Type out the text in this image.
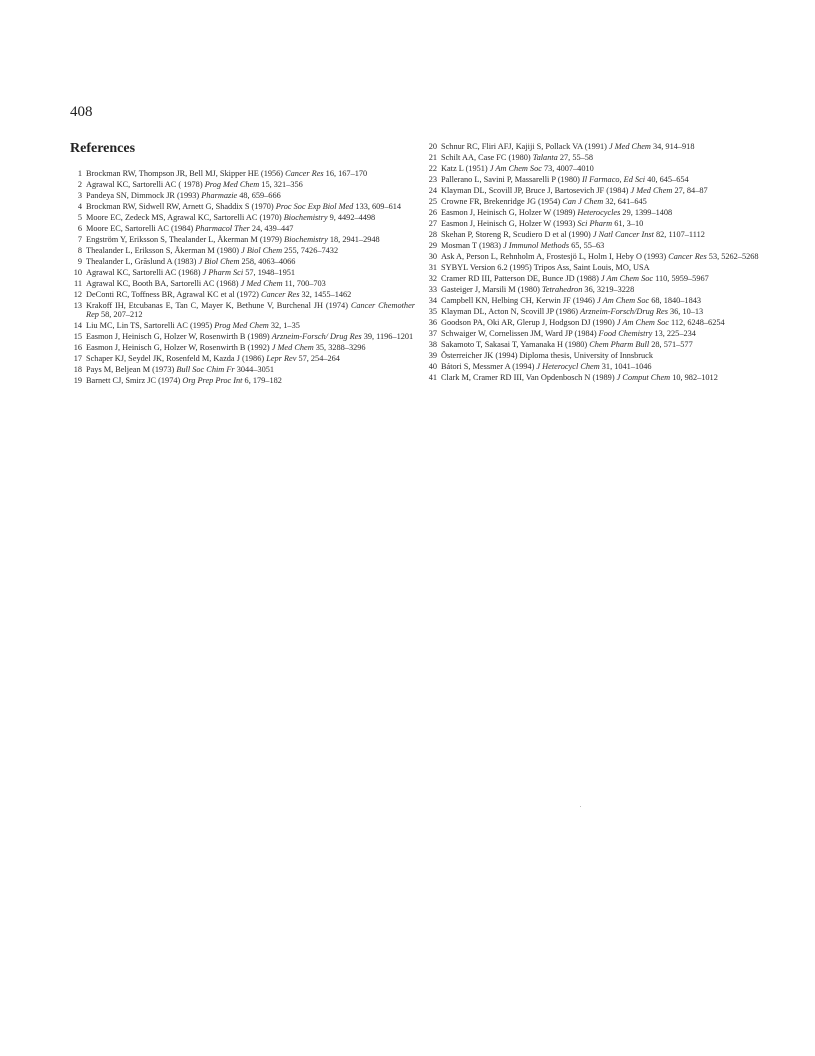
408
References
1 Brockman RW, Thompson JR, Bell MJ, Skipper HE (1956) Cancer Res 16, 167–170
2 Agrawal KC, Sartorelli AC ( 1978) Prog Med Chem 15, 321–356
3 Pandeya SN, Dimmock JR (1993) Pharmazie 48, 659–666
4 Brockman RW, Sidwell RW, Arnett G, Shaddix S (1970) Proc Soc Exp Biol Med 133, 609–614
5 Moore EC, Zedeck MS, Agrawal KC, Sartorelli AC (1970) Biochemistry 9, 4492–4498
6 Moore EC, Sartorelli AC (1984) Pharmacol Ther 24, 439–447
7 Engström Y, Eriksson S, Thealander L, Åkerman M (1979) Biochemistry 18, 2941–2948
8 Thealander L, Eriksson S, Åkerman M (1980) J Biol Chem 255, 7426–7432
9 Thealander L, Grāslund A (1983) J Biol Chem 258, 4063–4066
10 Agrawal KC, Sartorelli AC (1968) J Pharm Sci 57, 1948–1951
11 Agrawal KC, Booth BA, Sartorelli AC (1968) J Med Chem 11, 700–703
12 DeConti RC, Toffness BR, Agrawal KC et al (1972) Cancer Res 32, 1455–1462
13 Krakoff IH, Etcubanas E, Tan C, Mayer K, Bethune V, Burchenal JH (1974) Cancer Chemother Rep 58, 207–212
14 Liu MC, Lin TS, Sartorelli AC (1995) Prog Med Chem 32, 1–35
15 Easmon J, Heinisch G, Holzer W, Rosenwirth B (1989) Arzneim-Forsch/ Drug Res 39, 1196–1201
16 Easmon J, Heinisch G, Holzer W, Rosenwirth B (1992) J Med Chem 35, 3288–3296
17 Schaper KJ, Seydel JK, Rosenfeld M, Kazda J (1986) Lepr Rev 57, 254–264
18 Pays M, Beljean M (1973) Bull Soc Chim Fr 3044–3051
19 Barnett CJ, Smirz JC (1974) Org Prep Proc Int 6, 179–182
20 Schnur RC, Fliri AFJ, Kajiji S, Pollack VA (1991) J Med Chem 34, 914–918
21 Schilt AA, Case FC (1980) Talanta 27, 55–58
22 Katz L (1951) J Am Chem Soc 73, 4007–4010
23 Pallerano L, Savini P, Massarelli P (1980) Il Farmaco, Ed Sci 40, 645–654
24 Klayman DL, Scovill JP, Bruce J, Bartosevich JF (1984) J Med Chem 27, 84–87
25 Crowne FR, Brekenridge JG (1954) Can J Chem 32, 641–645
26 Easmon J, Heinisch G, Holzer W (1989) Heterocycles 29, 1399–1408
27 Easmon J, Heinisch G, Holzer W (1993) Sci Pharm 61, 3–10
28 Skehan P, Storeng R, Scudiero D et al (1990) J Natl Cancer Inst 82, 1107–1112
29 Mosman T (1983) J Immunol Methods 65, 55–63
30 Ask A, Person L, Rehnholm A, Frostesjö L, Holm I, Heby O (1993) Cancer Res 53, 5262–5268
31 SYBYL Version 6.2 (1995) Tripos Ass, Saint Louis, MO, USA
32 Cramer RD III, Patterson DE, Bunce JD (1988) J Am Chem Soc 110, 5959–5967
33 Gasteiger J, Marsili M (1980) Tetrahedron 36, 3219–3228
34 Campbell KN, Helbing CH, Kerwin JF (1946) J Am Chem Soc 68, 1840–1843
35 Klayman DL, Acton N, Scovill JP (1986) Arzneim-Forsch/Drug Res 36, 10–13
36 Goodson PA, Oki AR, Glerup J, Hodgson DJ (1990) J Am Chem Soc 112, 6248–6254
37 Schwaiger W, Cornelissen JM, Ward JP (1984) Food Chemistry 13, 225–234
38 Sakamoto T, Sakasai T, Yamanaka H (1980) Chem Pharm Bull 28, 571–577
39 Österreicher JK (1994) Diploma thesis, University of Innsbruck
40 Bátori S, Messmer A (1994) J Heterocycl Chem 31, 1041–1046
41 Clark M, Cramer RD III, Van Opdenbosch N (1989) J Comput Chem 10, 982–1012
